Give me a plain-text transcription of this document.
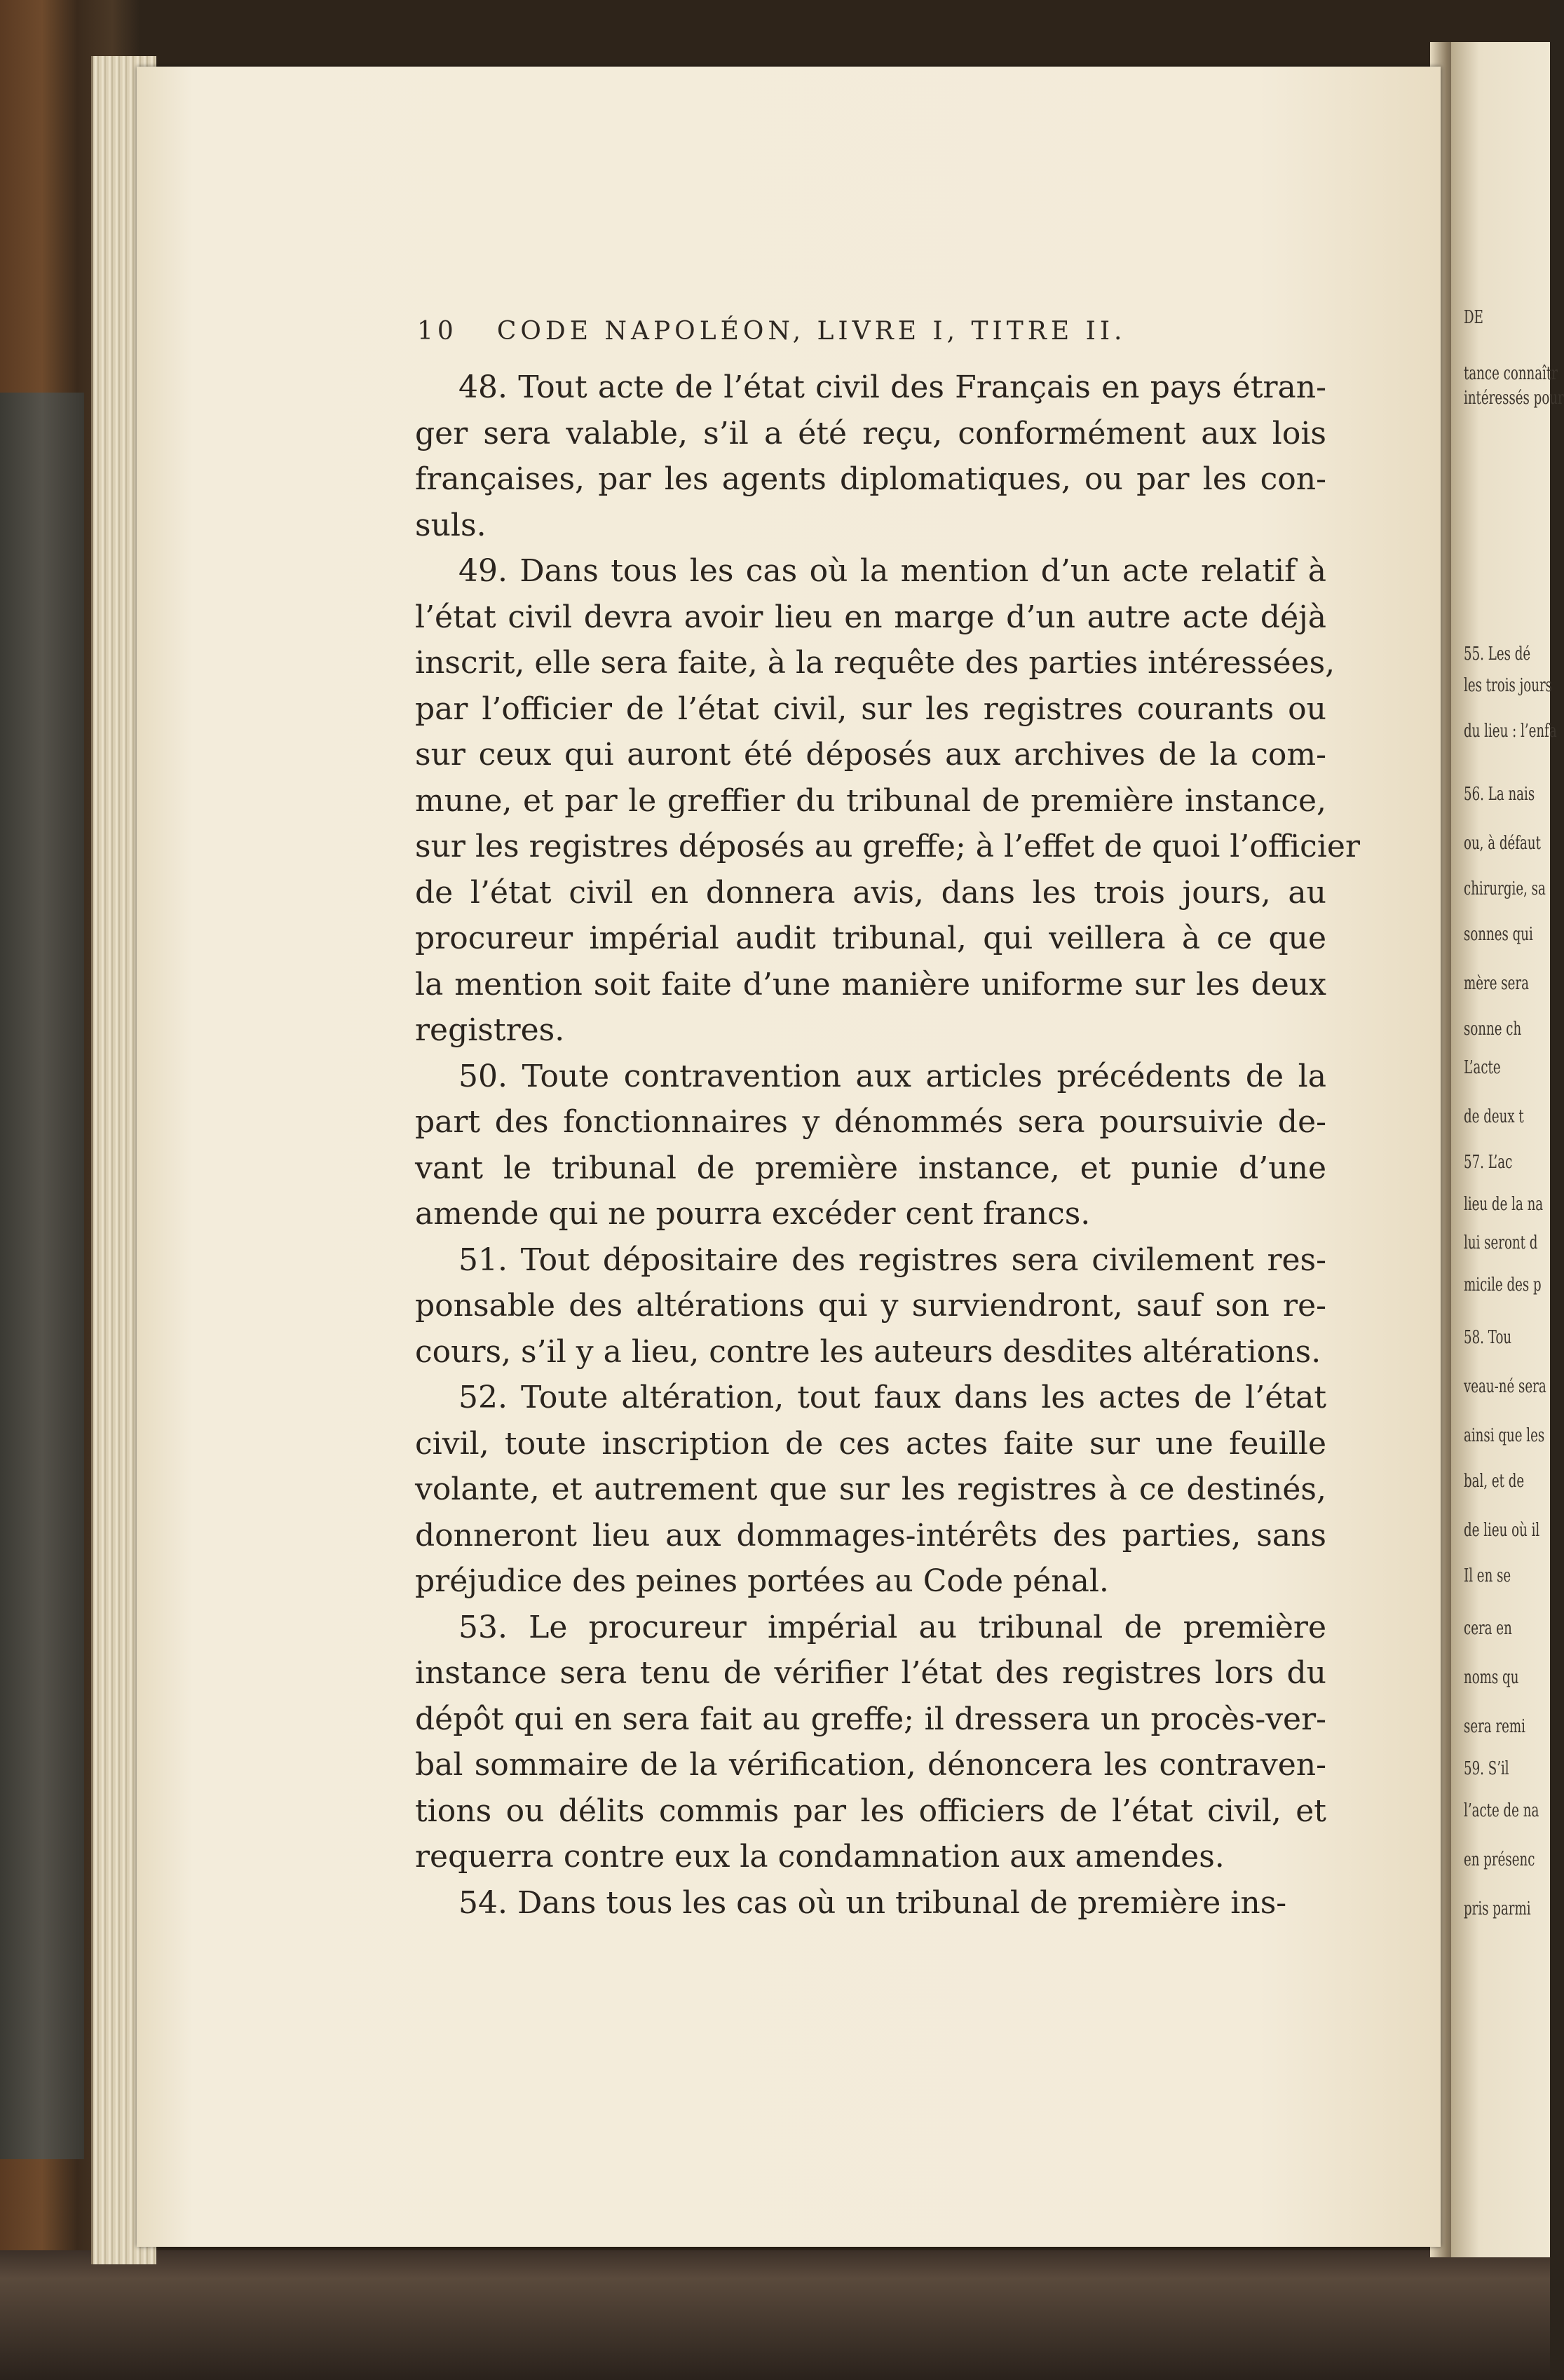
DE
tance connaîtr
intéressés pour
55. Les dé
les trois jours
du lieu : l’enfa
56. La nais
ou, à défaut
chirurgie, sa
sonnes qui
mère sera
sonne ch
L’acte
de deux t
57. L’ac
lieu de la na
lui seront d
micile des p
58. Tou
veau-né sera
ainsi que les
bal, et de
de lieu où il
Il en se
cera en
noms qu
sera remi
59. S’il
l’acte de na
en présenc
pris parmi
10 CODE NAPOLÉON, LIVRE I, TITRE II.
48. Tout acte de l’état civil des Français en pays étran-
ger sera valable, s’il a été reçu, conformément aux lois
françaises, par les agents diplomatiques, ou par les con-
suls.
49. Dans tous les cas où la mention d’un acte relatif à
l’état civil devra avoir lieu en marge d’un autre acte déjà
inscrit, elle sera faite, à la requête des parties intéressées,
par l’officier de l’état civil, sur les registres courants ou
sur ceux qui auront été déposés aux archives de la com-
mune, et par le greffier du tribunal de première instance,
sur les registres déposés au greffe; à l’effet de quoi l’officier
de l’état civil en donnera avis, dans les trois jours, au
procureur impérial audit tribunal, qui veillera à ce que
la mention soit faite d’une manière uniforme sur les deux
registres.
50. Toute contravention aux articles précédents de la
part des fonctionnaires y dénommés sera poursuivie de-
vant le tribunal de première instance, et punie d’une
amende qui ne pourra excéder cent francs.
51. Tout dépositaire des registres sera civilement res-
ponsable des altérations qui y surviendront, sauf son re-
cours, s’il y a lieu, contre les auteurs desdites altérations.
52. Toute altération, tout faux dans les actes de l’état
civil, toute inscription de ces actes faite sur une feuille
volante, et autrement que sur les registres à ce destinés,
donneront lieu aux dommages-intérêts des parties, sans
préjudice des peines portées au Code pénal.
53. Le procureur impérial au tribunal de première
instance sera tenu de vérifier l’état des registres lors du
dépôt qui en sera fait au greffe; il dressera un procès-ver-
bal sommaire de la vérification, dénoncera les contraven-
tions ou délits commis par les officiers de l’état civil, et
requerra contre eux la condamnation aux amendes.
54. Dans tous les cas où un tribunal de première ins-
